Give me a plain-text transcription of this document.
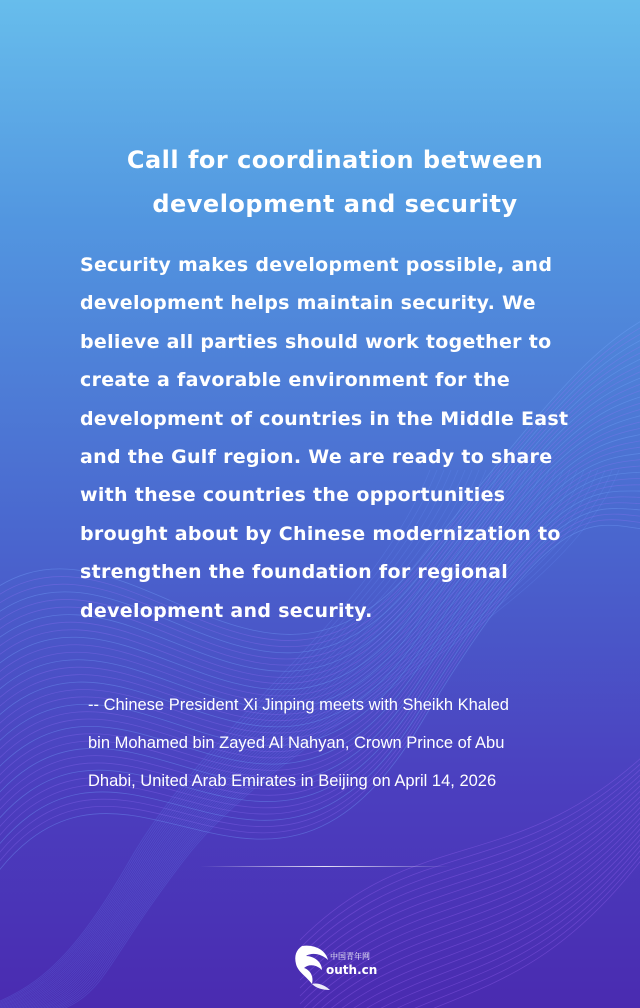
Call for coordination between
development and security
Security makes development possible, and
development helps maintain security. We
believe all parties should work together to
create a favorable environment for the
development of countries in the Middle East
and the Gulf region. We are ready to share
with these countries the opportunities
brought about by Chinese modernization to
strengthen the foundation for regional
development and security.
-- Chinese President Xi Jinping meets with Sheikh Khaled
bin Mohamed bin Zayed Al Nahyan, Crown Prince of Abu
Dhabi, United Arab Emirates in Beijing on April 14, 2026
中国青年网
outh.cn
